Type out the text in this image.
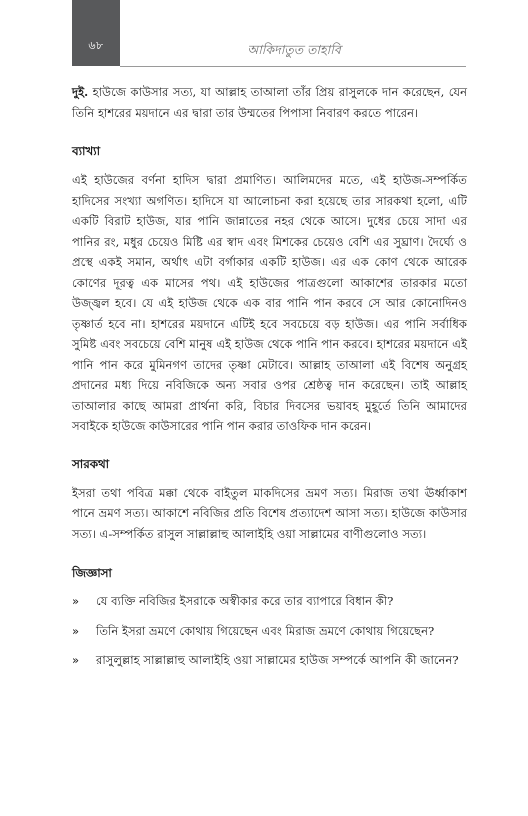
৬৮	আকিদাতুত তাহাবি

দুই. হাউজে কাউসার সত্য, যা আল্লাহ তাআলা তাঁর প্রিয় রাসুলকে দান করেছেন, যেন তিনি হাশরের ময়দানে এর দ্বারা তার উম্মতের পিপাসা নিবারণ করতে পারেন।

ব্যাখ্যা

এই হাউজের বর্ণনা হাদিস দ্বারা প্রমাণিত। আলিমদের মতে, এই হাউজ-সম্পর্কিত হাদিসের সংখ্যা অগণিত। হাদিসে যা আলোচনা করা হয়েছে তার সারকথা হলো, এটি একটি বিরাট হাউজ, যার পানি জান্নাতের নহর থেকে আসে। দুধের চেয়ে সাদা এর পানির রং, মধুর চেয়েও মিষ্টি এর স্বাদ এবং মিশকের চেয়েও বেশি এর সুঘ্রাণ। দৈর্ঘ্যে ও প্রস্থে একই সমান, অর্থাৎ এটা বর্গাকার একটি হাউজ। এর এক কোণ থেকে আরেক কোণের দূরত্ব এক মাসের পথ। এই হাউজের পাত্রগুলো আকাশের তারকার মতো উজ্জ্বল হবে। যে এই হাউজ থেকে এক বার পানি পান করবে সে আর কোনোদিনও তৃষ্ণার্ত হবে না। হাশরের ময়দানে এটিই হবে সবচেয়ে বড় হাউজ। এর পানি সর্বাধিক সুমিষ্ট এবং সবচেয়ে বেশি মানুষ এই হাউজ থেকে পানি পান করবে। হাশরের ময়দানে এই পানি পান করে মুমিনগণ তাদের তৃষ্ণা মেটাবে। আল্লাহ তাআলা এই বিশেষ অনুগ্রহ প্রদানের মধ্য দিয়ে নবিজিকে অন্য সবার ওপর শ্রেষ্ঠত্ব দান করেছেন। তাই আল্লাহ তাআলার কাছে আমরা প্রার্থনা করি, বিচার দিবসের ভয়াবহ মুহূর্তে তিনি আমাদের সবাইকে হাউজে কাউসারের পানি পান করার তাওফিক দান করেন।

সারকথা

ইসরা তথা পবিত্র মক্কা থেকে বাইতুল মাকদিসের ভ্রমণ সত্য। মিরাজ তথা ঊর্ধ্বাকাশ পানে ভ্রমণ সত্য। আকাশে নবিজির প্রতি বিশেষ প্রত্যাদেশ আসা সত্য। হাউজে কাউসার সত্য। এ-সম্পর্কিত রাসুল সাল্লাল্লাহু আলাইহি ওয়া সাল্লামের বাণীগুলোও সত্য।

জিজ্ঞাসা
» যে ব্যক্তি নবিজির ইসরাকে অস্বীকার করে তার ব্যাপারে বিধান কী?
» তিনি ইসরা ভ্রমণে কোথায় গিয়েছেন এবং মিরাজ ভ্রমণে কোথায় গিয়েছেন?
» রাসুলুল্লাহ সাল্লাল্লাহু আলাইহি ওয়া সাল্লামের হাউজ সম্পর্কে আপনি কী জানেন?
